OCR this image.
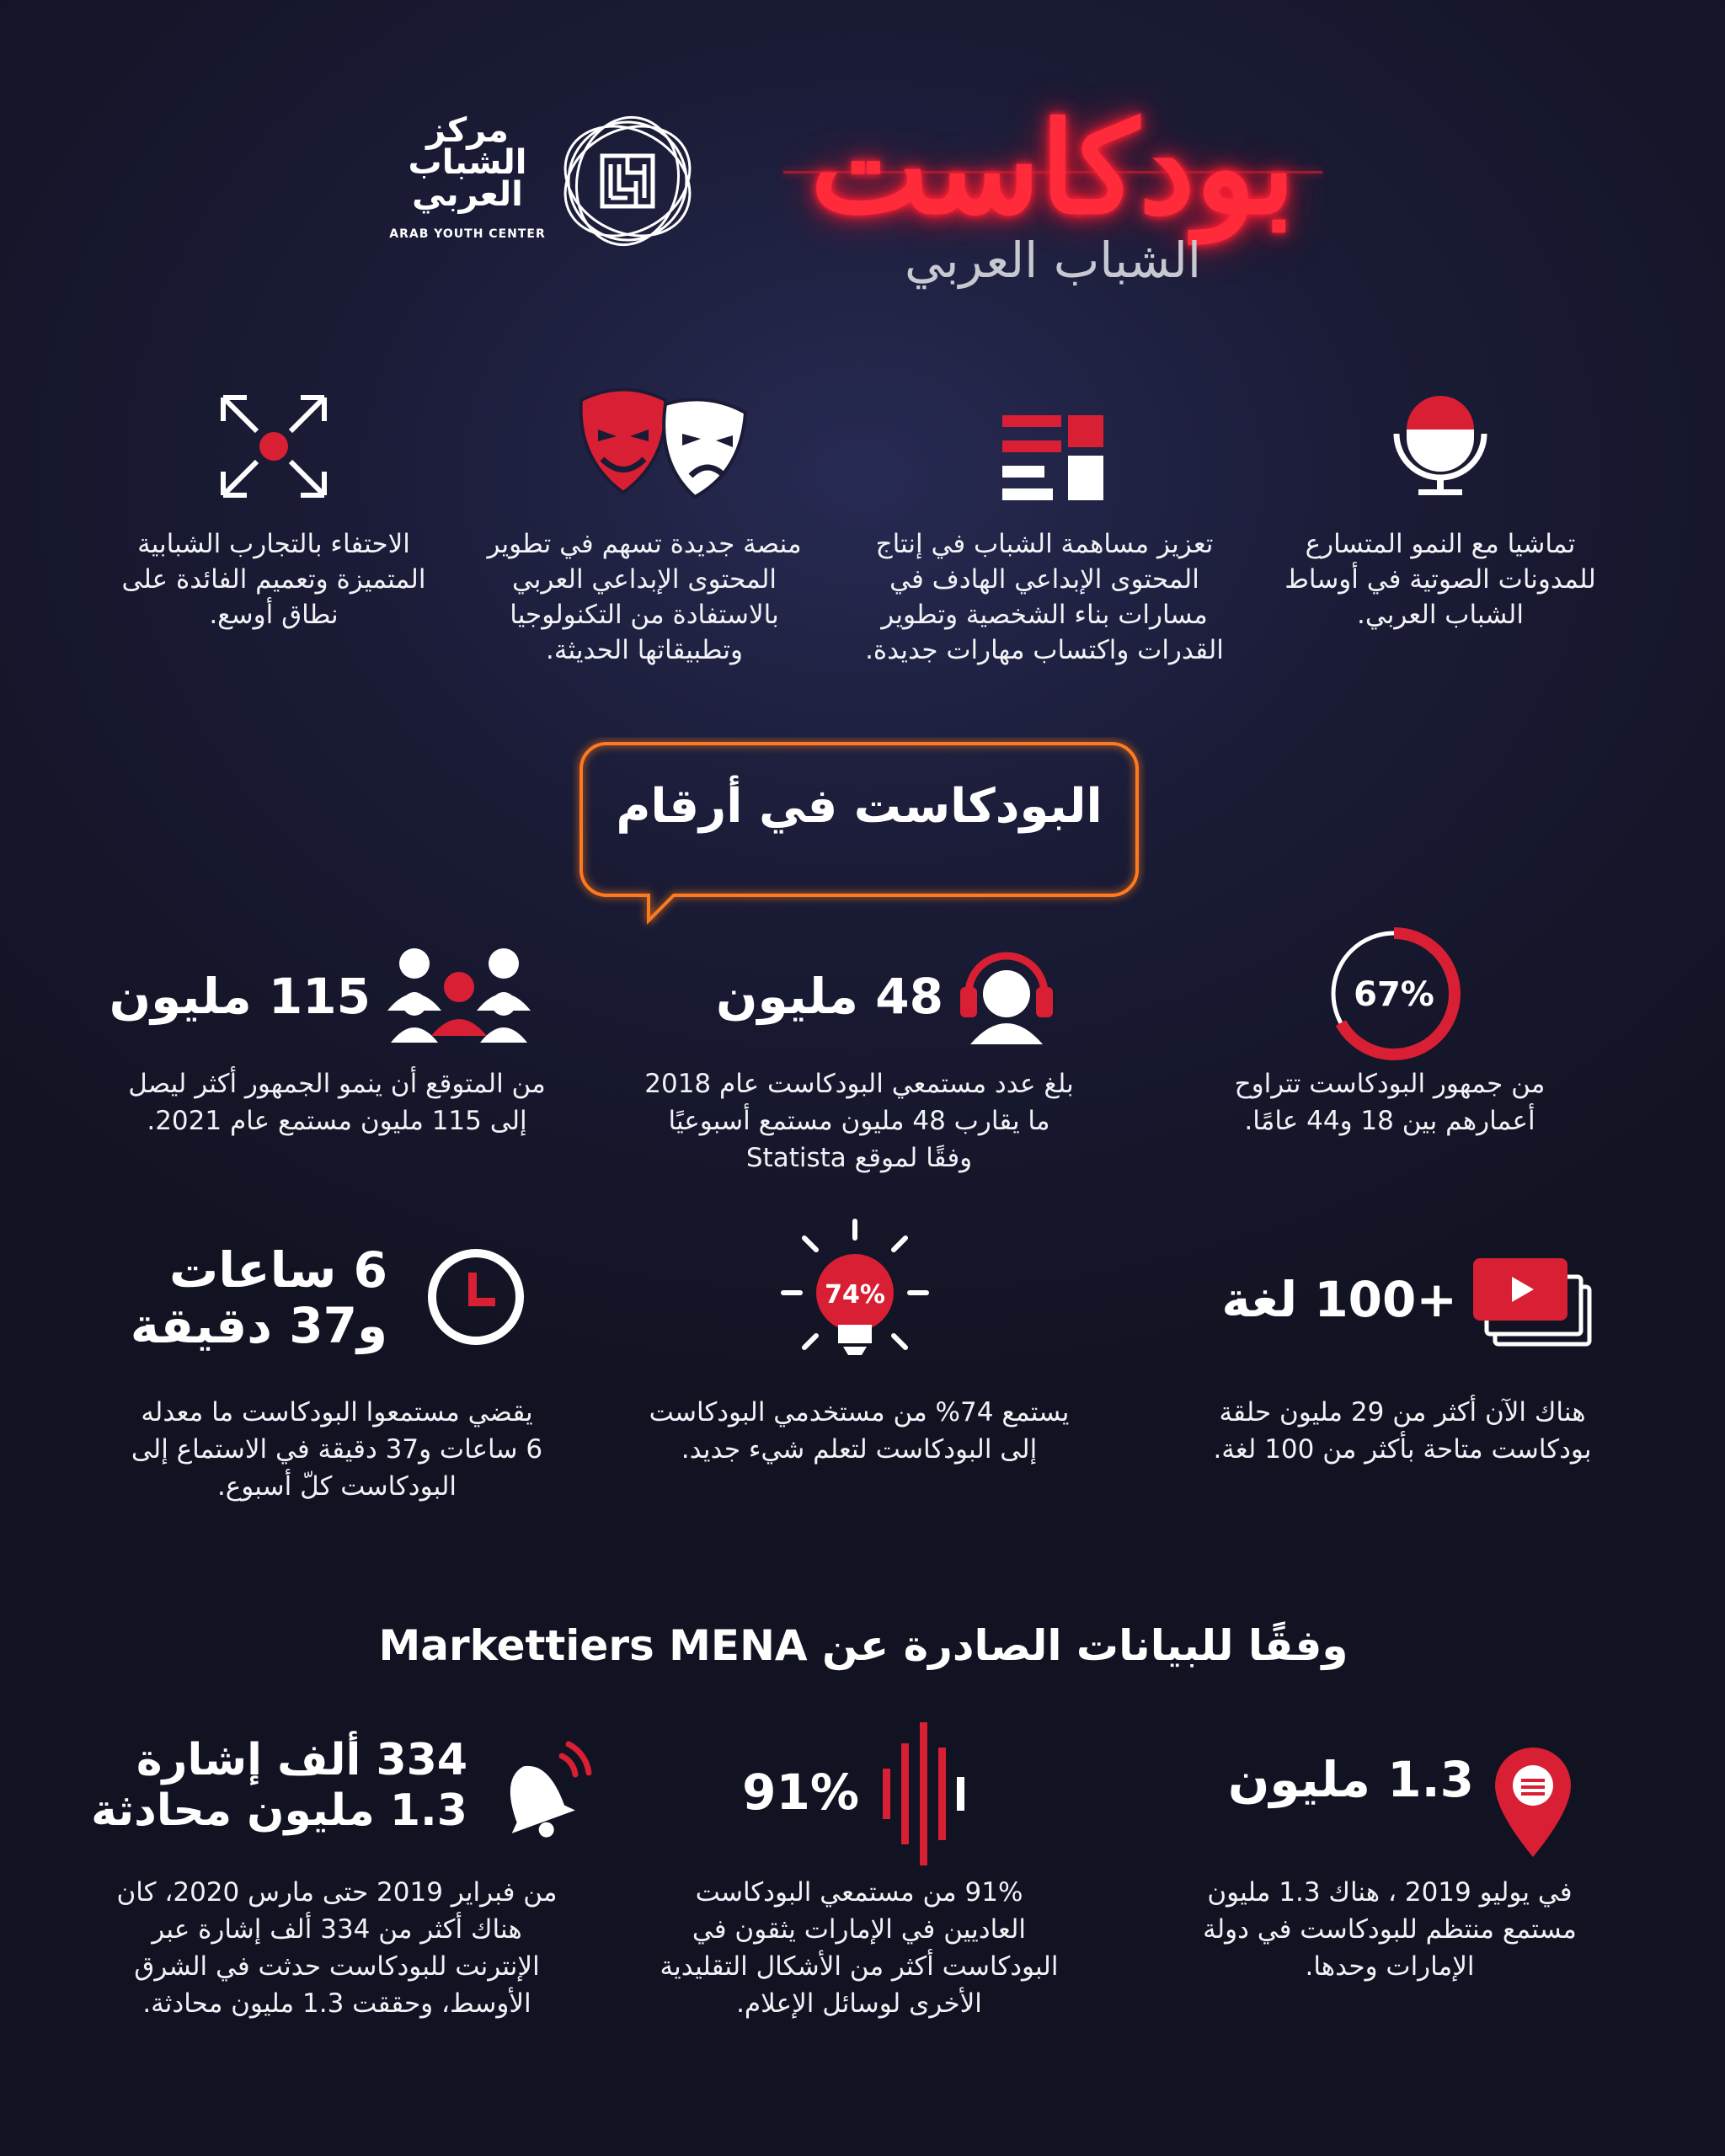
مركز
الشباب
العربي
ARAB YOUTH CENTER	بودكاست
الشباب العربي
تماشيا مع النمو المتسارع
للمدونات الصوتية في أوساط
الشباب العربي.
تعزيز مساهمة الشباب في إنتاج
المحتوى الإبداعي الهادف في
مسارات بناء الشخصية وتطوير
القدرات واكتساب مهارات جديدة.
منصة جديدة تسهم في تطوير
المحتوى الإبداعي العربي
بالاستفادة من التكنولوجيا
وتطبيقاتها الحديثة.
الاحتفاء بالتجارب الشبابية
المتميزة وتعميم الفائدة على
نطاق أوسع.
البودكاست في أرقام
67%
من جمهور البودكاست تتراوح
أعمارهم بين 18 و44 عامًا.
48 مليون
بلغ عدد مستمعي البودكاست عام 2018
ما يقارب 48 مليون مستمع أسبوعيًا
وفقًا لموقع Statista
115 مليون
من المتوقع أن ينمو الجمهور أكثر ليصل
إلى 115 مليون مستمع عام 2021.
+100 لغة
هناك الآن أكثر من 29 مليون حلقة
بودكاست متاحة بأكثر من 100 لغة.
74%
يستمع 74% من مستخدمي البودكاست
إلى البودكاست لتعلم شيء جديد.
6 ساعات
و37 دقيقة
يقضي مستمعوا البودكاست ما معدله
6 ساعات و37 دقيقة في الاستماع إلى
البودكاست كلّ أسبوع.
وفقًا للبيانات الصادرة عن Markettiers MENA
1.3 مليون
في يوليو 2019 ، هناك 1.3 مليون
مستمع منتظم للبودكاست في دولة
الإمارات وحدها.
91%
91% من مستمعي البودكاست
العاديين في الإمارات يثقون في
البودكاست أكثر من الأشكال التقليدية
الأخرى لوسائل الإعلام.
334 ألف إشارة
1.3 مليون محادثة
من فبراير 2019 حتى مارس 2020، كان
هناك أكثر من 334 ألف إشارة عبر
الإنترنت للبودكاست حدثت في الشرق
الأوسط، وحققت 1.3 مليون محادثة.
